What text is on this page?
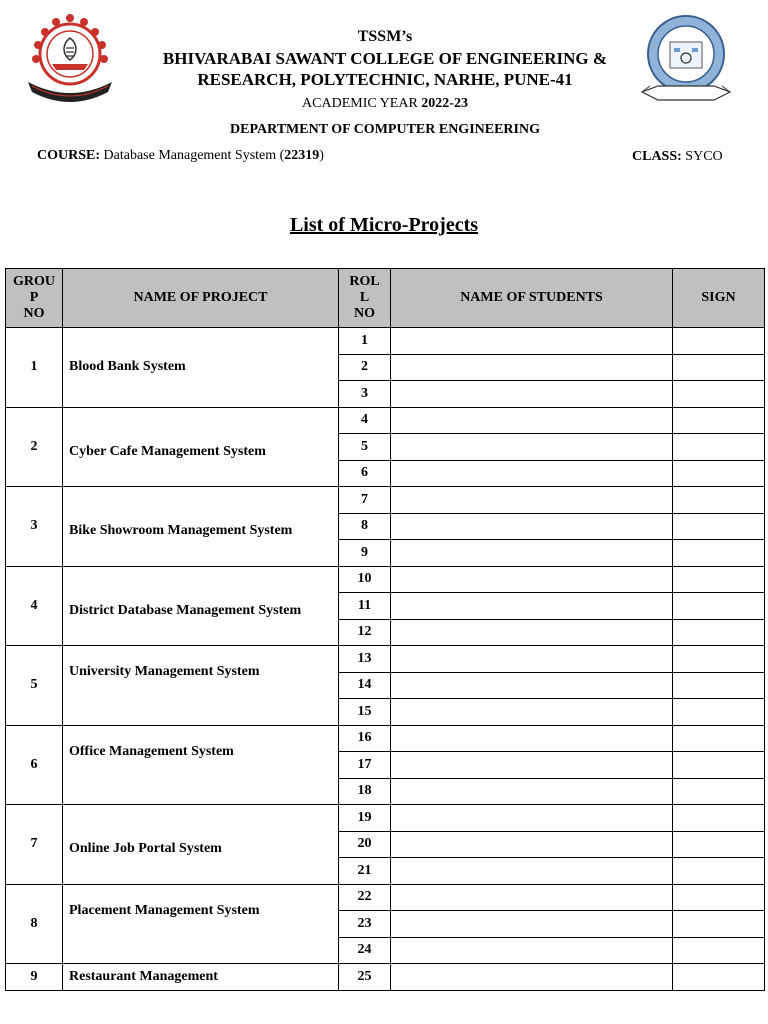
TSSM’s
BHIVARABAI SAWANT COLLEGE OF ENGINEERING &
RESEARCH, POLYTECHNIC, NARHE, PUNE-41
ACADEMIC YEAR 2022-23
DEPARTMENT OF COMPUTER ENGINEERING
COURSE: Database Management System (22319)	CLASS: SYCO
List of Micro-Projects
GROU
P
NO	NAME OF PROJECT	ROL
L
NO	NAME OF STUDENTS	SIGN
1	Blood Bank System	1		
		2		
		3		
2	Cyber Cafe Management System	4		
		5		
		6		
3	Bike Showroom Management System	7		
		8		
		9		
4	District Database Management System	10		
		11		
		12		
5	University Management System	13		
		14		
		15		
6	Office Management System	16		
		17		
		18		
7	Online Job Portal System	19		
		20		
		21		
8	Placement Management System	22		
		23		
		24		
9	Restaurant Management	25		
